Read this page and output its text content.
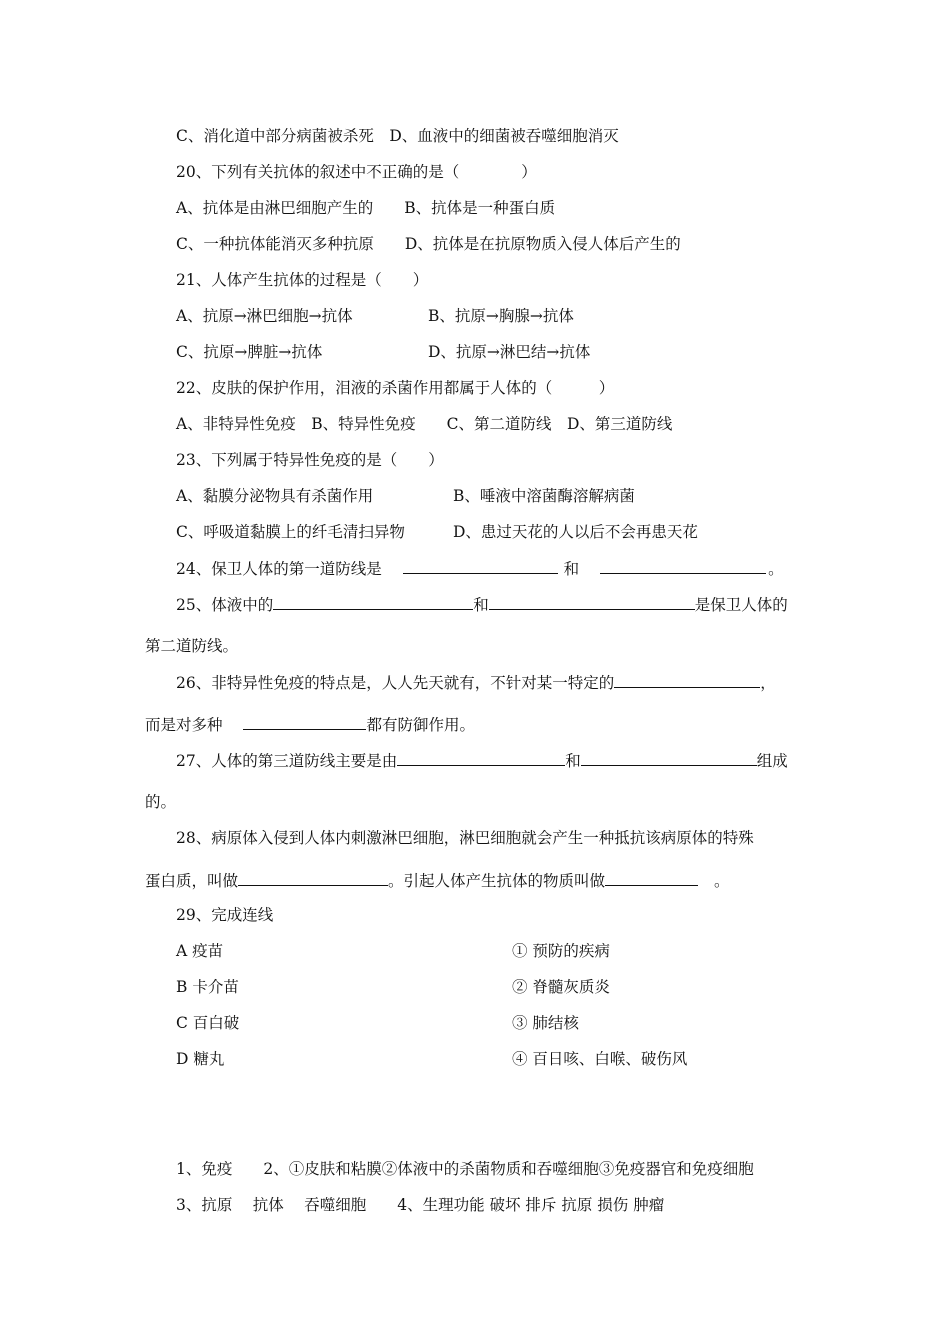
C、消化道中部分病菌被杀死　D、血液中的细菌被吞噬细胞消灭
20、下列有关抗体的叙述中不正确的是（　　　　）
A、抗体是由淋巴细胞产生的　　B、抗体是一种蛋白质
C、一种抗体能消灭多种抗原　　D、抗体是在抗原物质入侵人体后产生的
21、人体产生抗体的过程是（　　）
A、抗原→淋巴细胞→抗体	B、抗原→胸腺→抗体
C、抗原→脾脏→抗体	D、抗原→淋巴结→抗体
22、皮肤的保护作用，泪液的杀菌作用都属于人体的（　　　）
A、非特异性免疫　B、特异性免疫　　C、第二道防线　D、第三道防线
23、下列属于特异性免疫的是（　　）
A、黏膜分泌物具有杀菌作用	B、唾液中溶菌酶溶解病菌
C、呼吸道黏膜上的纤毛清扫异物	D、患过天花的人以后不会再患天花
24、保卫人体的第一道防线是	和	。
25、体液中的	和	是保卫人体的
第二道防线。
26、非特异性免疫的特点是，人人先天就有，不针对某一特定的	，
而是对多种	都有防御作用。
27、人体的第三道防线主要是由	和	组成
的。
28、病原体入侵到人体内刺激淋巴细胞，淋巴细胞就会产生一种抵抗该病原体的特殊
蛋白质，叫做	。引起人体产生抗体的物质叫做	。
29、完成连线
A 疫苗	① 预防的疾病
B 卡介苗	② 脊髓灰质炎
C 百白破	③ 肺结核
D 糖丸	④ 百日咳、白喉、破伤风
1、免疫　　2、①皮肤和粘膜②体液中的杀菌物质和吞噬细胞③免疫器官和免疫细胞
3、抗原　 抗体　 吞噬细胞　　4、生理功能 破坏 排斥 抗原 损伤 肿瘤
